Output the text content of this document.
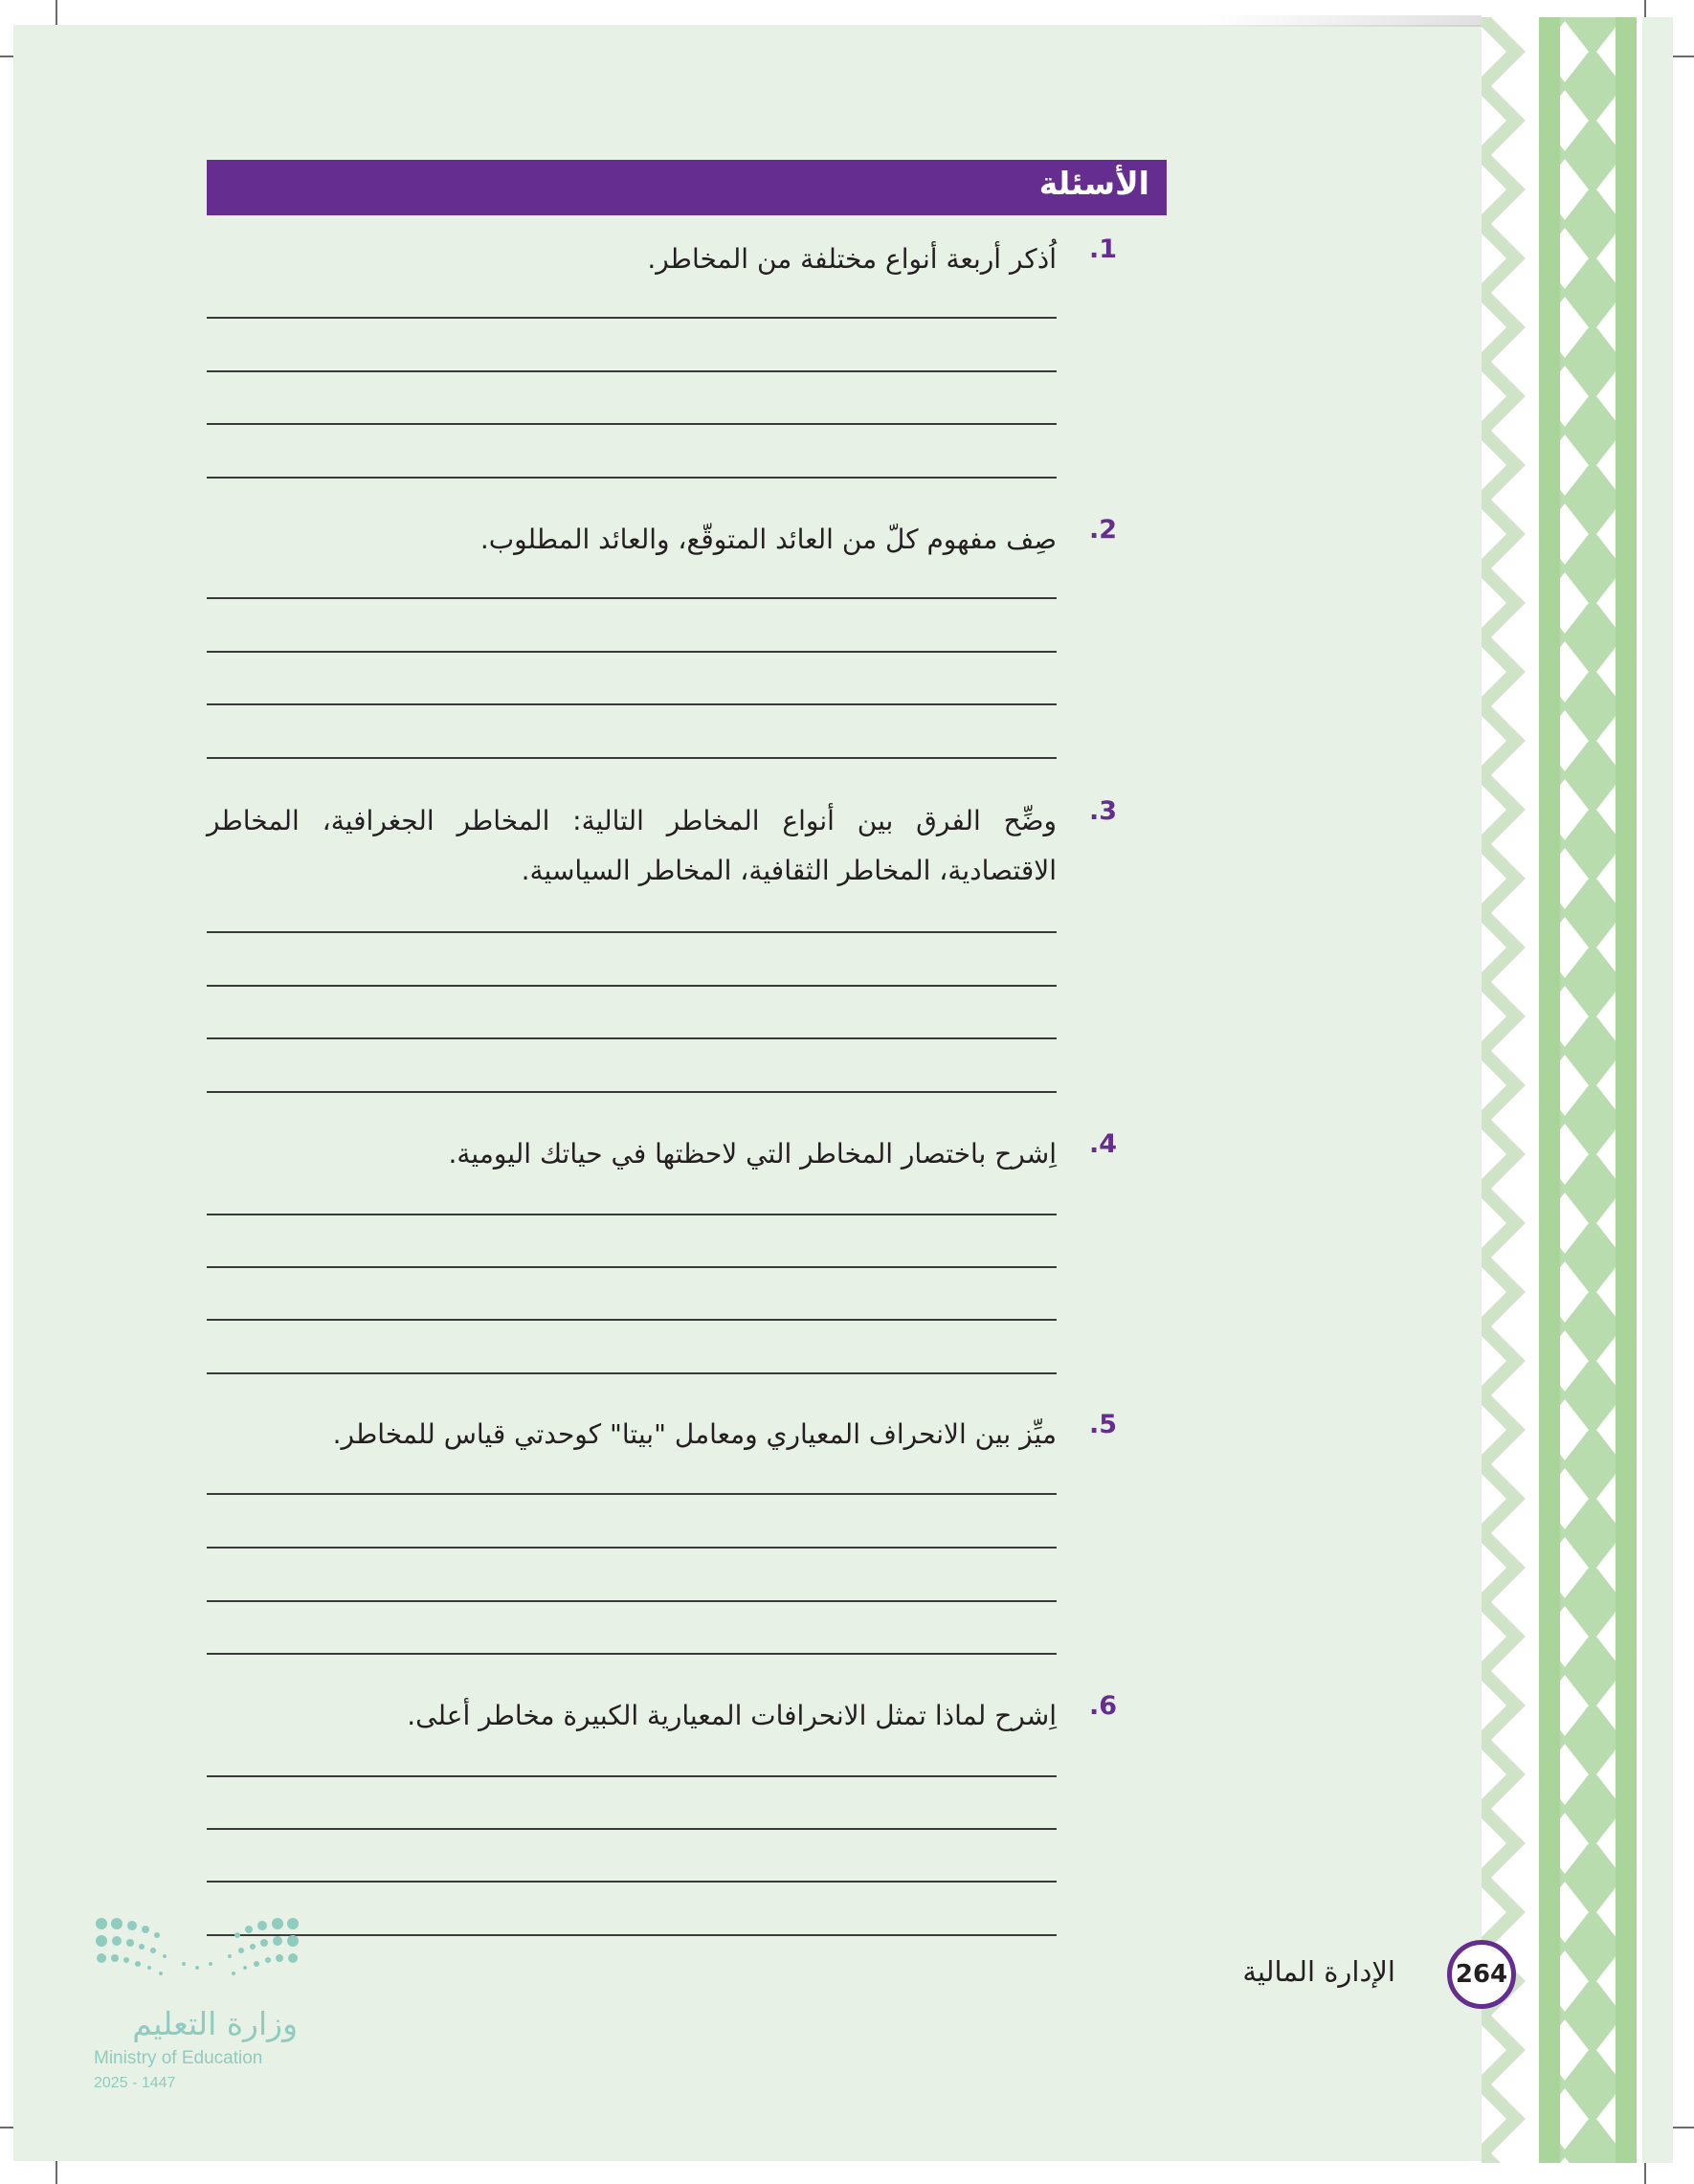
الأسئلة
1.
اُذكر أربعة أنواع مختلفة من المخاطر.
2.
صِف مفهوم كلّ من العائد المتوقّع، والعائد المطلوب.
3.
وضِّح الفرق بين أنواع المخاطر التالية: المخاطر الجغرافية، المخاطر الاقتصادية، المخاطر الثقافية، المخاطر السياسية.
4.
اِشرح باختصار المخاطر التي لاحظتها في حياتك اليومية.
5.
ميِّز بين الانحراف المعياري ومعامل "بيتا" كوحدتي قياس للمخاطر.
6.
اِشرح لماذا تمثل الانحرافات المعيارية الكبيرة مخاطر أعلى.
الإدارة المالية	264
وزارة التعليم
Ministry of Education
2025 - 1447
